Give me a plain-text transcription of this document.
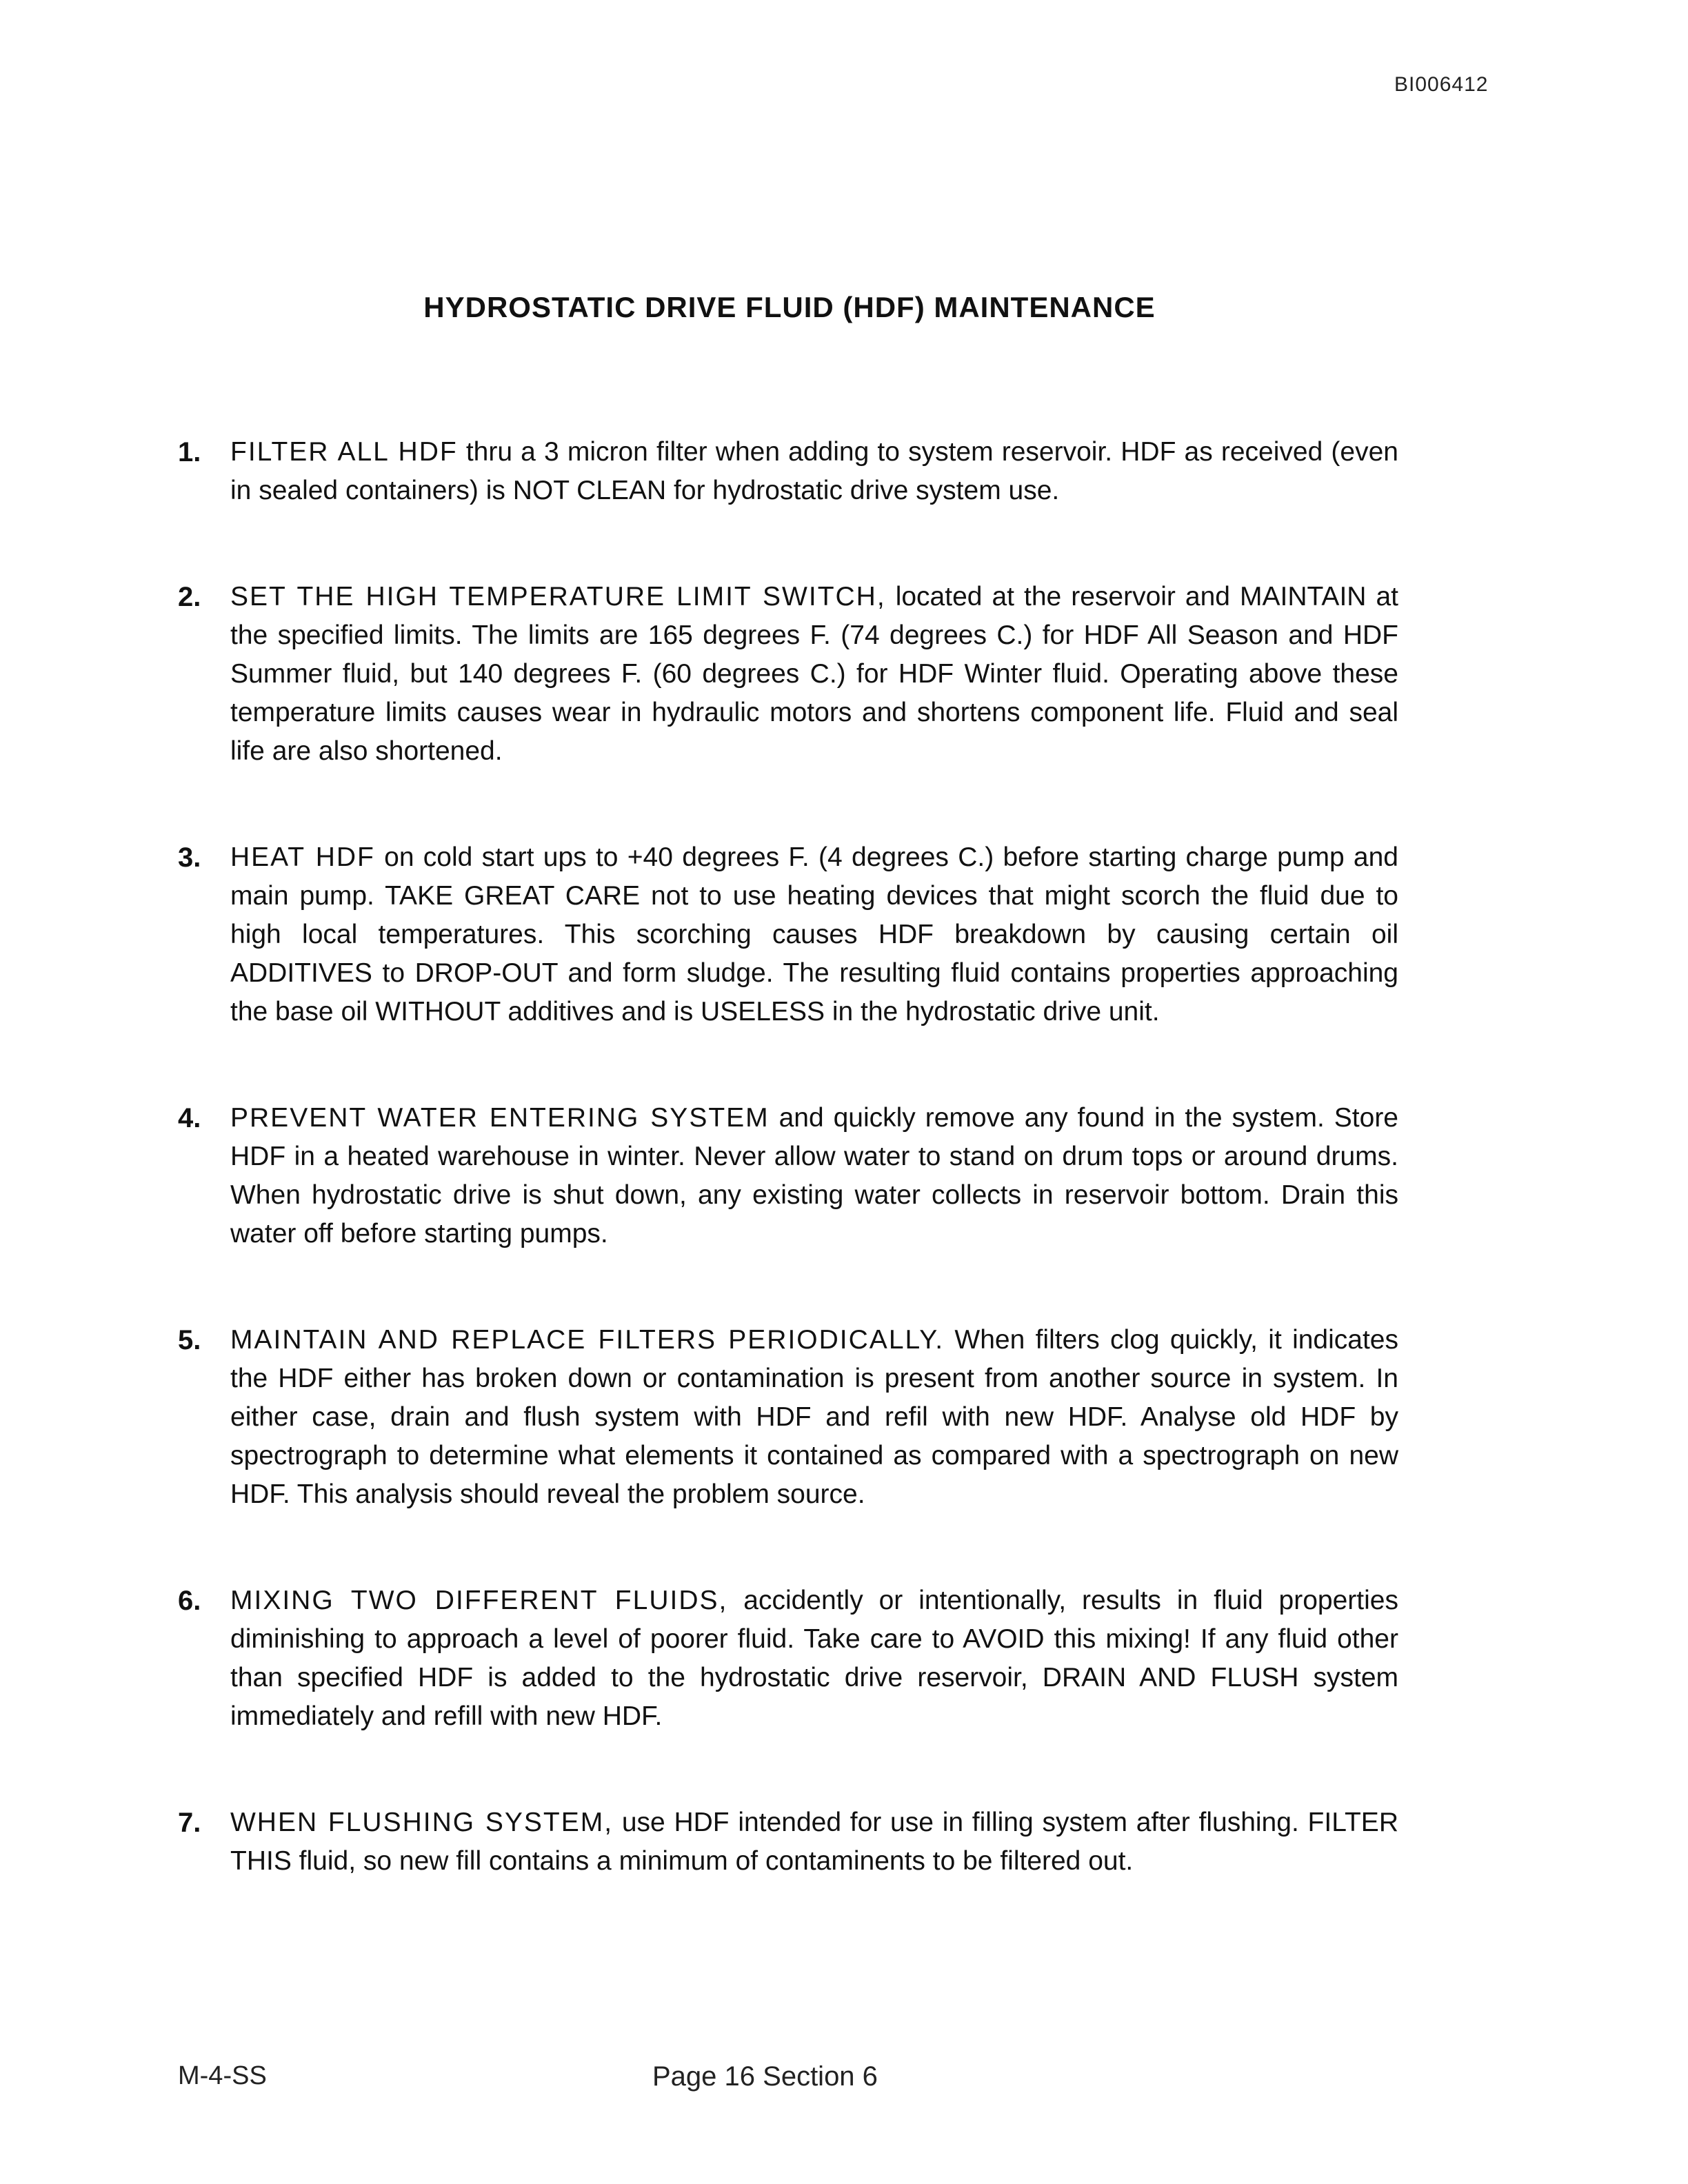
BI006412
HYDROSTATIC DRIVE FLUID (HDF) MAINTENANCE
1. FILTER ALL HDF thru a 3 micron filter when adding to system reservoir. HDF as received (even in sealed containers) is NOT CLEAN for hydrostatic drive system use.
2. SET THE HIGH TEMPERATURE LIMIT SWITCH, located at the reservoir and MAINTAIN at the specified limits. The limits are 165 degrees F. (74 degrees C.) for HDF All Season and HDF Summer fluid, but 140 degrees F. (60 degrees C.) for HDF Winter fluid. Operating above these temperature limits causes wear in hydraulic motors and shortens component life. Fluid and seal life are also shortened.
3. HEAT HDF on cold start ups to +40 degrees F. (4 degrees C.) before starting charge pump and main pump. TAKE GREAT CARE not to use heating devices that might scorch the fluid due to high local temperatures. This scorching causes HDF breakdown by causing certain oil ADDITIVES to DROP-OUT and form sludge. The resulting fluid contains properties approaching the base oil WITHOUT additives and is USELESS in the hydrostatic drive unit.
4. PREVENT WATER ENTERING SYSTEM and quickly remove any found in the system. Store HDF in a heated warehouse in winter. Never allow water to stand on drum tops or around drums. When hydrostatic drive is shut down, any existing water collects in reservoir bottom. Drain this water off before starting pumps.
5. MAINTAIN AND REPLACE FILTERS PERIODICALLY. When filters clog quickly, it indicates the HDF either has broken down or contamination is present from another source in system. In either case, drain and flush system with HDF and refil with new HDF. Analyse old HDF by spectrograph to determine what elements it contained as compared with a spectrograph on new HDF. This analysis should reveal the problem source.
6. MIXING TWO DIFFERENT FLUIDS, accidently or intentionally, results in fluid properties diminishing to approach a level of poorer fluid. Take care to AVOID this mixing! If any fluid other than specified HDF is added to the hydrostatic drive reservoir, DRAIN AND FLUSH system immediately and refill with new HDF.
7. WHEN FLUSHING SYSTEM, use HDF intended for use in filling system after flushing. FILTER THIS fluid, so new fill contains a minimum of contaminents to be filtered out.
M-4-SS	Page 16 Section 6
